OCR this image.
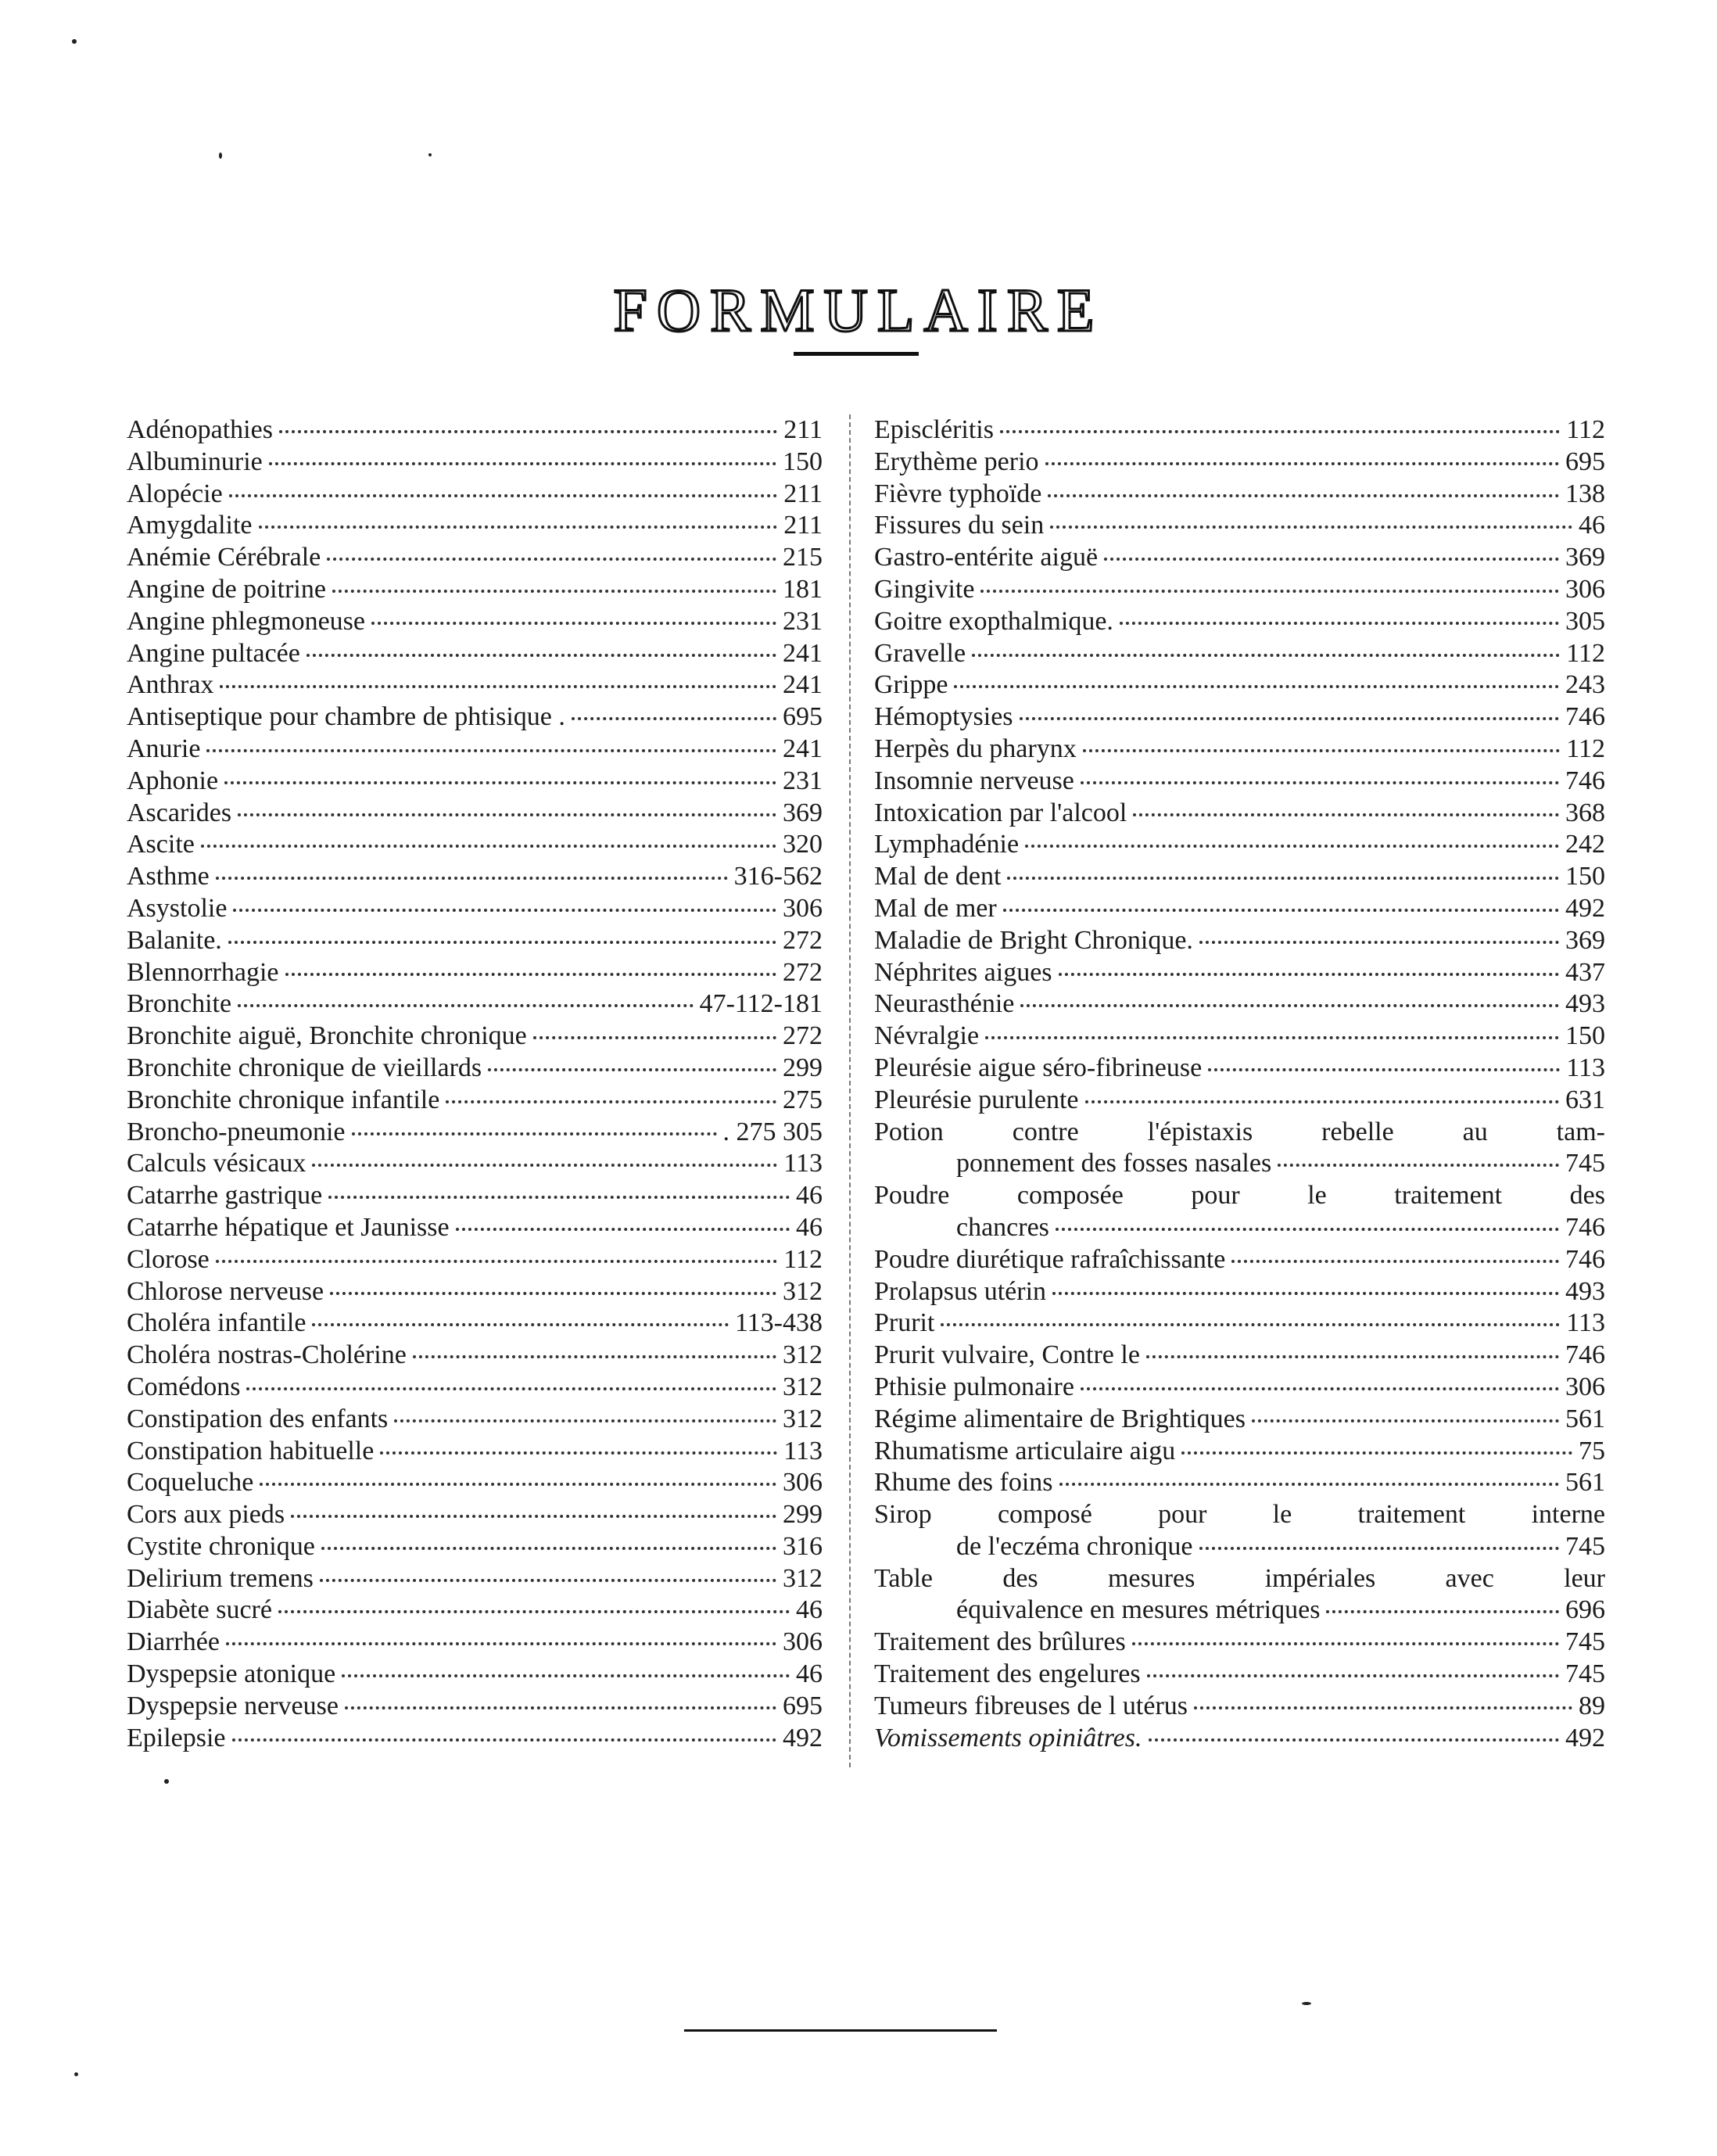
FORMULAIRE
Adénopathies	211
Albuminurie	150
Alopécie	211
Amygdalite	211
Anémie Cérébrale	215
Angine de poitrine	181
Angine phlegmoneuse	231
Angine pultacée	241
Anthrax	241
Antiseptique pour chambre de phtisique .	695
Anurie	241
Aphonie	231
Ascarides	369
Ascite	320
Asthme	316-562
Asystolie	306
Balanite.	272
Blennorrhagie	272
Bronchite	47-112-181
Bronchite aiguë, Bronchite chronique	272
Bronchite chronique de vieillards	299
Bronchite chronique infantile	275
Broncho-pneumonie	. 275 305
Calculs vésicaux	113
Catarrhe gastrique	46
Catarrhe hépatique et Jaunisse	46
Clorose	112
Chlorose nerveuse	312
Choléra infantile	113-438
Choléra nostras-Cholérine	312
Comédons	312
Constipation des enfants	312
Constipation habituelle	113
Coqueluche	306
Cors aux pieds	299
Cystite chronique	316
Delirium tremens	312
Diabète sucré	46
Diarrhée	306
Dyspepsie atonique	46
Dyspepsie nerveuse	695
Epilepsie	492
Episcléritis	112
Erythème perio	695
Fièvre typhoïde	138
Fissures du sein	46
Gastro-entérite aiguë	369
Gingivite	306
Goitre exopthalmique.	305
Gravelle	112
Grippe	243
Hémoptysies	746
Herpès du pharynx	112
Insomnie nerveuse	746
Intoxication par l'alcool	368
Lymphadénie	242
Mal de dent	150
Mal de mer	492
Maladie de Bright Chronique.	369
Néphrites aigues	437
Neurasthénie	493
Névralgie	150
Pleurésie aigue séro-fibrineuse	113
Pleurésie purulente	631
Potion contre l'épistaxis rebelle au tam-
ponnement des fosses nasales	745
Poudre composée pour le traitement des
chancres	746
Poudre diurétique rafraîchissante	746
Prolapsus utérin	493
Prurit	113
Prurit vulvaire, Contre le	746
Pthisie pulmonaire	306
Régime alimentaire de Brightiques	561
Rhumatisme articulaire aigu	75
Rhume des foins	561
Sirop composé pour le traitement interne
de l'eczéma chronique	745
Table des mesures impériales avec leur
équivalence en mesures métriques	696
Traitement des brûlures	745
Traitement des engelures	745
Tumeurs fibreuses de l utérus	89
Vomissements opiniâtres.	492
